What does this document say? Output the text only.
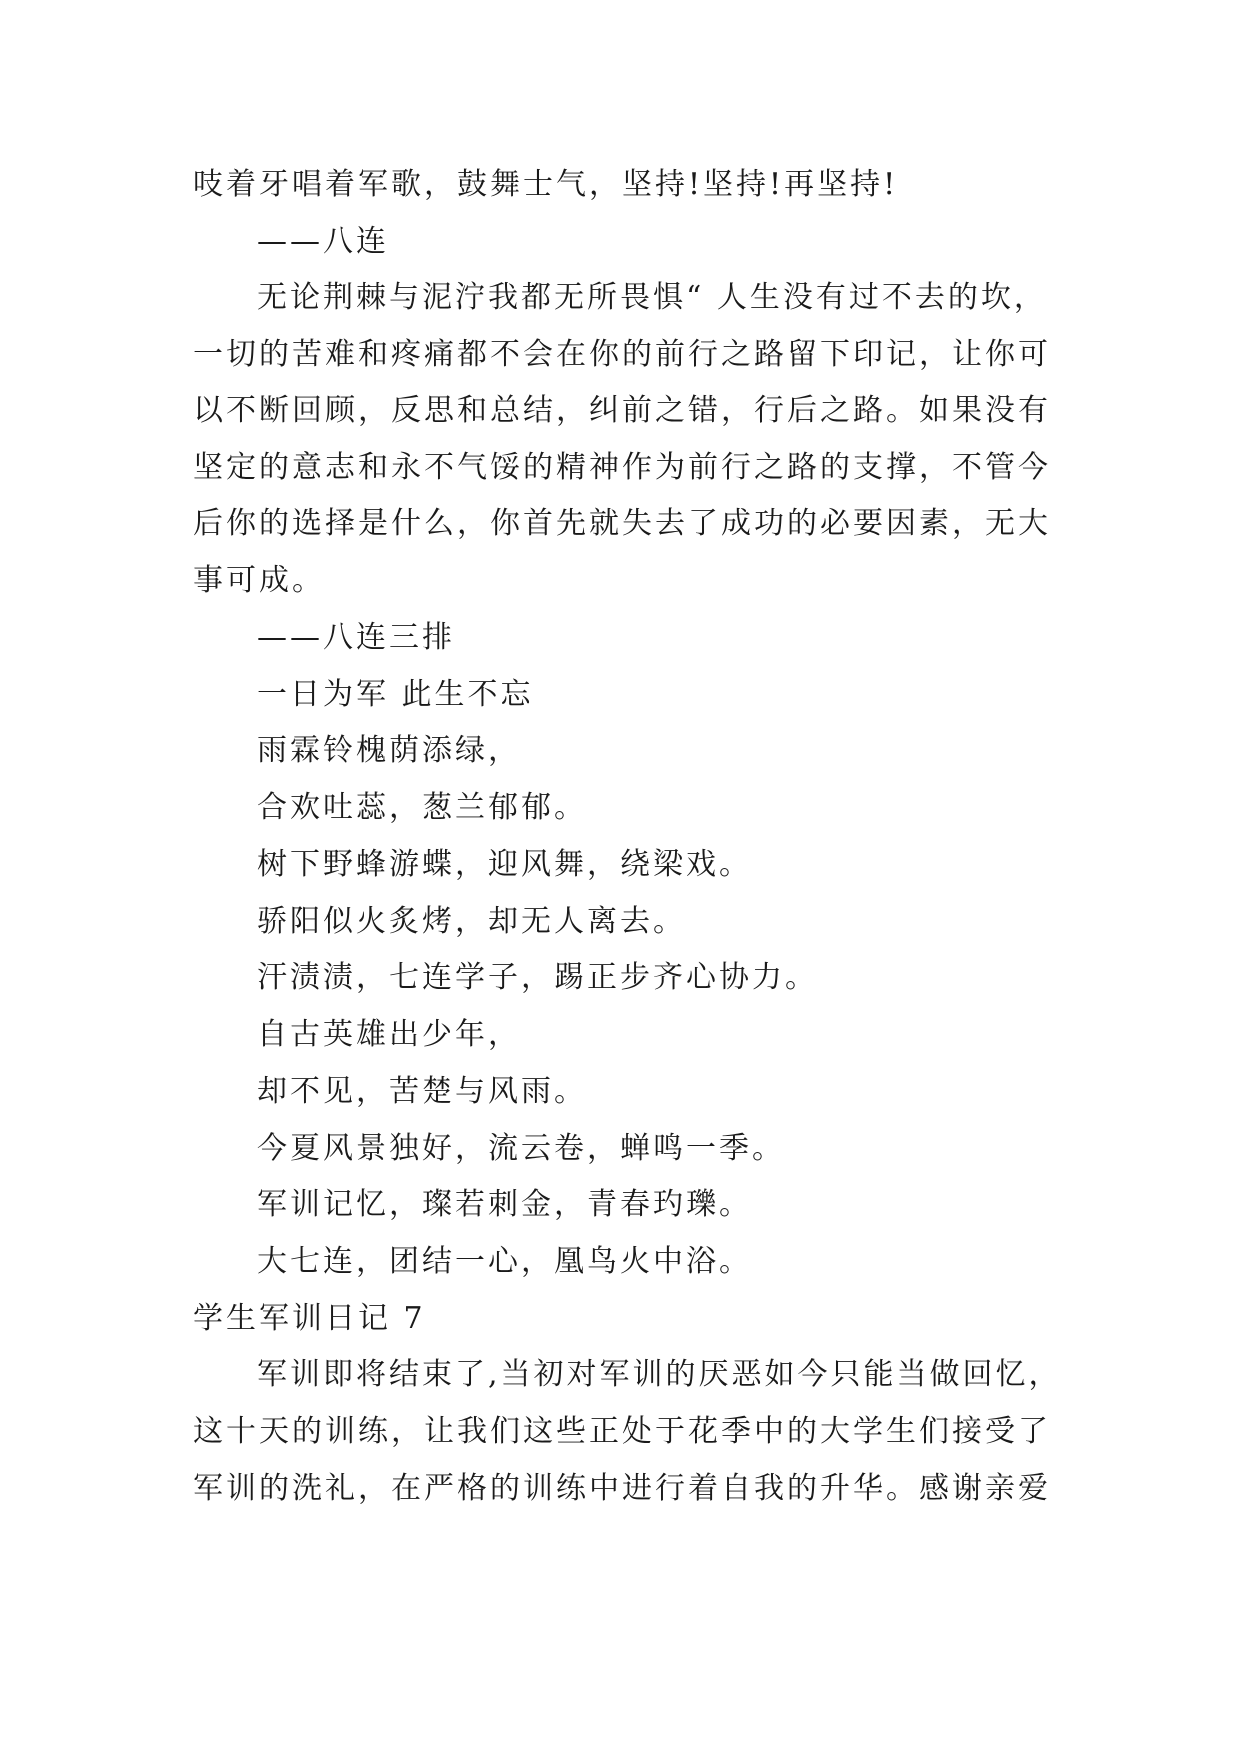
吱着牙唱着军歌，鼓舞士气，坚持!坚持!再坚持!
——八连
无论荆棘与泥泞我都无所畏惧“ 人生没有过不去的坎，
一切的苦难和疼痛都不会在你的前行之路留下印记，让你可
以不断回顾，反思和总结，纠前之错，行后之路。如果没有
坚定的意志和永不气馁的精神作为前行之路的支撑，不管今
后你的选择是什么，你首先就失去了成功的必要因素，无大
事可成。
——八连三排
一日为军 此生不忘
雨霖铃槐荫添绿，
合欢吐蕊，葱兰郁郁。
树下野蜂游蝶，迎风舞，绕梁戏。
骄阳似火炙烤，却无人离去。
汗渍渍，七连学子，踢正步齐心协力。
自古英雄出少年，
却不见，苦楚与风雨。
今夏风景独好，流云卷，蝉鸣一季。
军训记忆，璨若刺金，青春玓瓅。
大七连，团结一心，凰鸟火中浴。
学生军训日记 7
军训即将结束了,当初对军训的厌恶如今只能当做回忆，
这十天的训练，让我们这些正处于花季中的大学生们接受了
军训的洗礼，在严格的训练中进行着自我的升华。感谢亲爱
